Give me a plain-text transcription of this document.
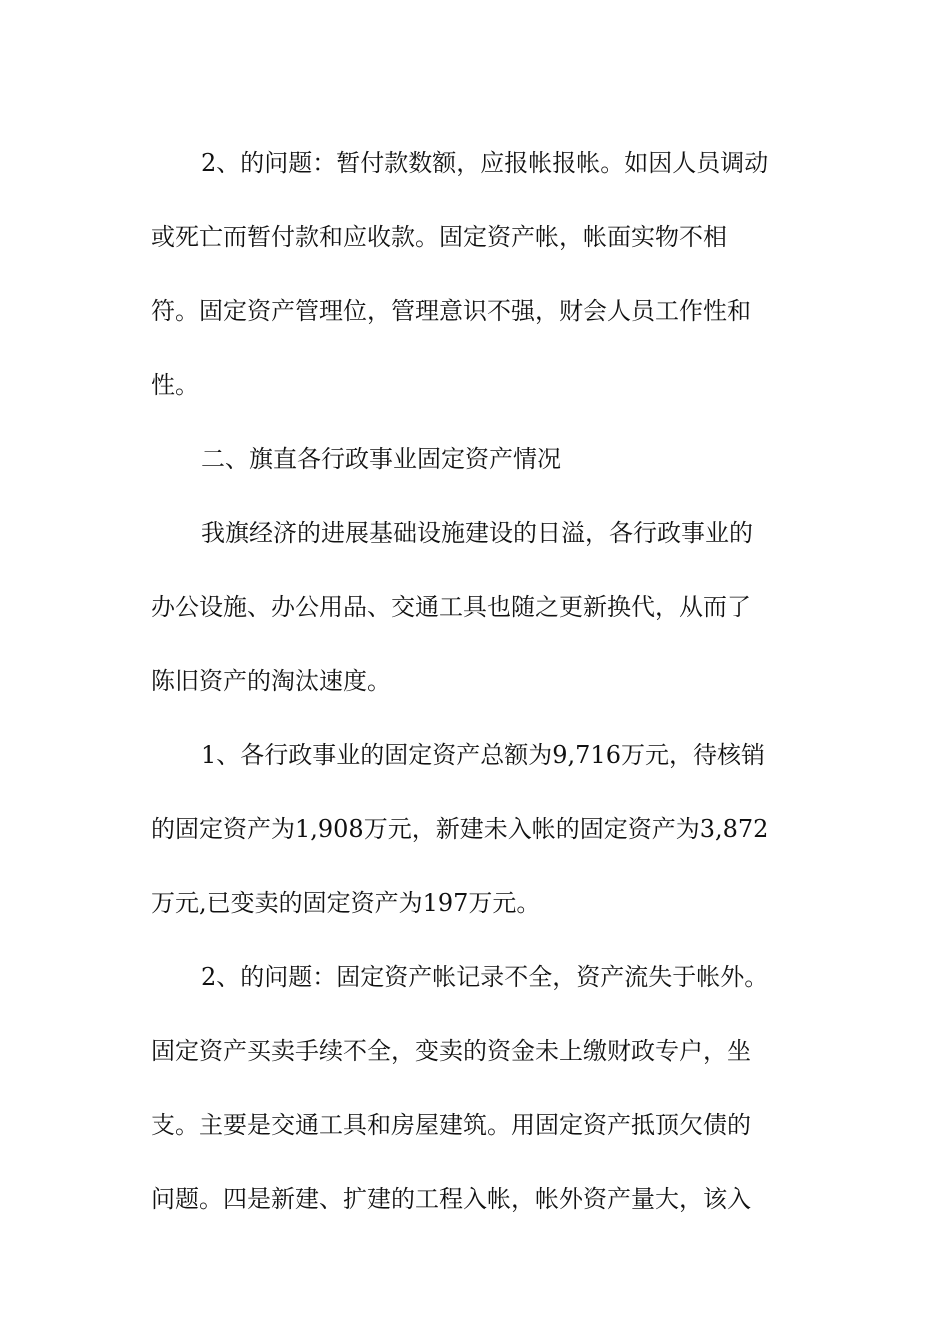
2、的问题：暂付款数额，应报帐报帐。如因人员调动
或死亡而暂付款和应收款。固定资产帐，帐面实物不相
符。固定资产管理位，管理意识不强，财会人员工作性和
性。
二、旗直各行政事业固定资产情况
我旗经济的进展基础设施建设的日溢，各行政事业的
办公设施、办公用品、交通工具也随之更新换代，从而了
陈旧资产的淘汰速度。
1、各行政事业的固定资产总额为9,716万元，待核销
的固定资产为1,908万元，新建未入帐的固定资产为3,872
万元,已变卖的固定资产为197万元。
2、的问题：固定资产帐记录不全，资产流失于帐外。
固定资产买卖手续不全，变卖的资金未上缴财政专户，坐
支。主要是交通工具和房屋建筑。用固定资产抵顶欠债的
问题。四是新建、扩建的工程入帐，帐外资产量大，该入
